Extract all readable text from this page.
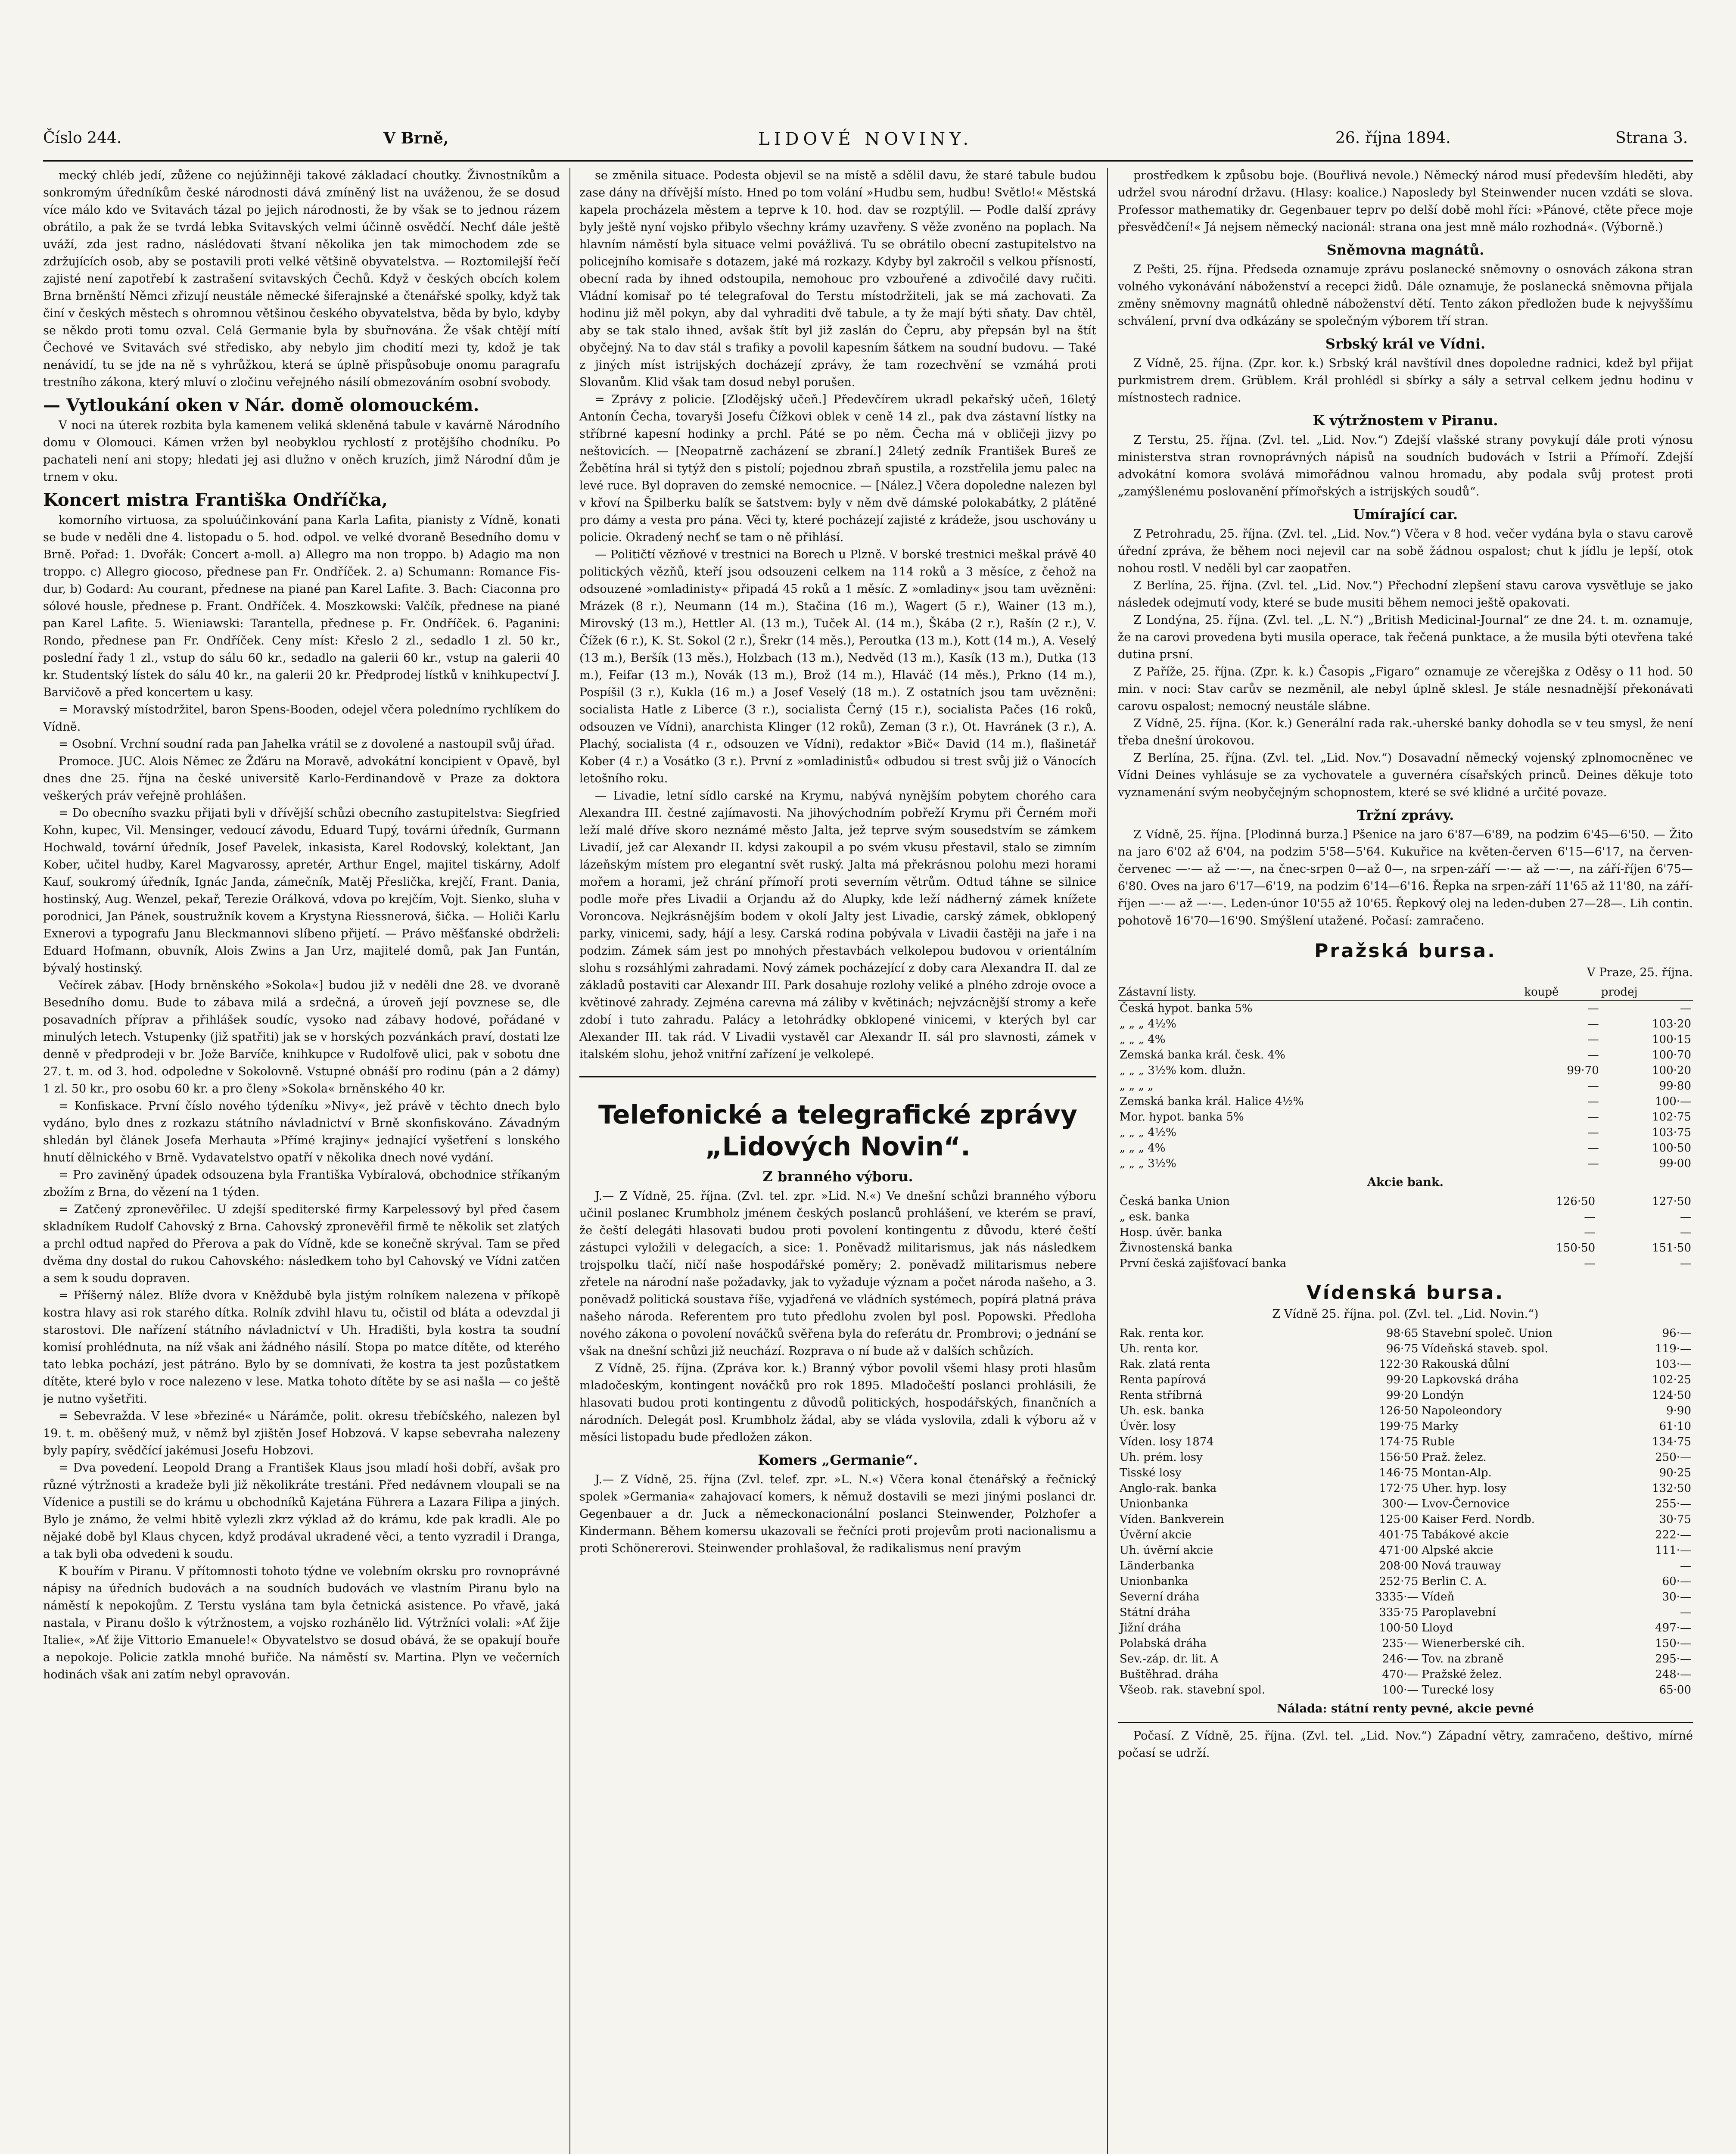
Číslo 244.	V Brně,	LIDOVÉ NOVINY.	26. října 1894.	Strana 3.

mecký chléb jedí, zůžene co nejúžinněji takové základací choutky. Živnostníkům a sonkromým úředníkům české národnosti dává zmíněný list na uváženou, že se dosud více málo kdo ve Svitavách tázal po jejich národnosti, že by však se to jednou rázem obrátilo, a pak že se tvrdá lebka Svitavských velmi účinně osvědčí. Nechť dále ještě uváží, zda jest radno, náslédovati štvaní několika jen tak mimochodem zde se zdržujících osob, aby se postavili proti velké většině obyvatelstva. — Roztomilejší řečí zajisté není zapotřebí k zastrašení svitavských Čechů. Když v českých obcích kolem Brna brněnští Němci zřizují neustále německé šiferajnské a čtenářské spolky, když tak činí v českých městech s ohromnou většinou českého obyvatelstva, běda by bylo, kdyby se někdo proti tomu ozval. Celá Germanie byla by sbuřnována. Že však chtějí mítí Čechové ve Svitavách své středisko, aby nebylo jim chodití mezi ty, kdož je tak nenávidí, tu se jde na ně s vyhrůžkou, která se úplně přispůsobuje onomu paragrafu trestního zákona, který mluví o zločinu veřejného násilí obmezováním osobní svobody.

— Vytloukání oken v Nár. domě olomouckém.

V noci na úterek rozbita byla kamenem veliká skleněná tabule v kavárně Národního domu v Olomouci. Kámen vržen byl neobyklou rychlostí z protějšího chodníku. Po pachateli není ani stopy; hledati jej asi dlužno v oněch kruzích, jimž Národní dům je trnem v oku.

Koncert mistra Františka Ondříčka,

komorního virtuosa, za spoluúčinkování pana Karla Lafita, pianisty z Vídně, konati se bude v neděli dne 4. listopadu o 5. hod. odpol. ve velké dvoraně Besedního domu v Brně. Pořad: 1. Dvořák: Concert a-moll. a) Allegro ma non troppo. b) Adagio ma non troppo. c) Allegro giocoso, přednese pan Fr. Ondříček. 2. a) Schumann: Romance Fis-dur, b) Godard: Au courant, přednese na piané pan Karel Lafite. 3. Bach: Ciaconna pro sólové housle, přednese p. Frant. Ondříček. 4. Moszkowski: Valčík, přednese na piané pan Karel Lafite. 5. Wieniawski: Tarantella, přednese p. Fr. Ondříček. 6. Paganini: Rondo, přednese pan Fr. Ondříček. Ceny míst: Křeslo 2 zl., sedadlo 1 zl. 50 kr., poslední řady 1 zl., vstup do sálu 60 kr., sedadlo na galerii 60 kr., vstup na galerii 40 kr. Studentský lístek do sálu 40 kr., na galerii 20 kr. Předprodej lístků v knihkupectví J. Barvičově a před koncertem u kasy.

= Moravský místodržitel, baron Spens-Booden, odejel včera polednímo rychlíkem do Vídně.

= Osobní. Vrchní soudní rada pan Jahelka vrátil se z dovolené a nastoupil svůj úřad.

Promoce. JUC. Alois Němec ze Žďáru na Moravě, advokátní koncipient v Opavě, byl dnes dne 25. října na české universitě Karlo-Ferdinandově v Praze za doktora veškerých práv veřejně prohlášen.

= Do obecního svazku přijati byli v dřívější schůzi obecního zastupitelstva: Siegfried Kohn, kupec, Vil. Mensinger, vedoucí závodu, Eduard Tupý, továrni úředník, Gurmann Hochwald, tovární úředník, Josef Pavelek, inkasista, Karel Rodovský, kolektant, Jan Kober, učitel hudby, Karel Magvarossy, apretér, Arthur Engel, majitel tiskárny, Adolf Kauf, soukromý úředník, Ignác Janda, zámečník, Matěj Přeslička, krejčí, Frant. Dania, hostinský, Aug. Wenzel, pekař, Terezie Orálková, vdova po krejčím, Vojt. Sienko, sluha v porodnici, Jan Pánek, soustružník kovem a Krystyna Riessnerová, šička. — Holiči Karlu Exnerovi a typografu Janu Bleckmannovi slíbeno přijetí. — Právo měšťanské obdrželi: Eduard Hofmann, obuvník, Alois Zwins a Jan Urz, majitelé domů, pak Jan Funtán, bývalý hostinský.

Večírek zábav. [Hody brněnského »Sokola«] budou již v neděli dne 28. ve dvoraně Besedního domu. Bude to zábava milá a srdečná, a úroveň její povznese se, dle posavadních příprav a přihlášek soudíc, vysoko nad zábavy hodové, pořádané v minulých letech. Vstupenky (již spatřiti) jak se v horských pozvánkách praví, dostati lze denně v předprodeji v br. Jože Barvíče, knihkupce v Rudolfově ulici, pak v sobotu dne 27. t. m. od 3. hod. odpoledne v Sokolovně. Vstupné obnáší pro rodinu (pán a 2 dámy) 1 zl. 50 kr., pro osobu 60 kr. a pro členy »Sokola« brněnského 40 kr.

= Konfiskace. První číslo nového týdeníku »Nivy«, jež právě v těchto dnech bylo vydáno, bylo dnes z rozkazu státního návladnictví v Brně skonfiskováno. Závadným shledán byl článek Josefa Merhauta »Přímé krajiny« jednající vyšetření s lonského hnutí dělnického v Brně. Vydavatelstvo opatří v několika dnech nové vydání.

= Pro zaviněný úpadek odsouzena byla Františka Vybíralová, obchodnice stříkaným zbožím z Brna, do vězení na 1 týden.

= Zatčený zpronevěřilec. U zdejší spediterské firmy Karpelessový byl před časem skladníkem Rudolf Cahovský z Brna. Cahovský zpronevěřil firmě te několik set zlatých a prchl odtud napřed do Přerova a pak do Vídně, kde se konečně skrýval. Tam se před dvěma dny dostal do rukou Cahovského: následkem toho byl Cahovský ve Vídni zatčen a sem k soudu dopraven.

= Příšerný nález. Blíže dvora v Kněždubě byla jistým rolníkem nalezena v příkopě kostra hlavy asi rok starého dítka. Rolník zdvihl hlavu tu, očistil od bláta a odevzdal ji starostovi. Dle nařízení státního návladnictví v Uh. Hradišti, byla kostra ta soudní komisí prohlédnuta, na níž však ani žádného násilí. Stopa po matce dítěte, od kterého tato lebka pochází, jest pátráno. Bylo by se domnívati, že kostra ta jest pozůstatkem dítěte, které bylo v roce nalezeno v lese. Matka tohoto dítěte by se asi našla — co ještě je nutno vyšetřiti.

= Sebevražda. V lese »březiné« u Nárámče, polit. okresu třebíčského, nalezen byl 19. t. m. oběšený muž, v němž byl zjištěn Josef Hobzová. V kapse sebevraha nalezeny byly papíry, svědčící jakémusi Josefu Hobzovi.

= Dva povedení. Leopold Drang a František Klaus jsou mladí hoši dobří, avšak pro různé výtržnosti a kradeže byli již několikráte trestáni. Před nedávnem vloupali se na Vídenice a pustili se do krámu u obchodníků Kajetána Führera a Lazara Filipa a jiných. Bylo je známo, že velmi hbitě vylezli zkrz výklad až do krámu, kde pak kradli. Ale po nějaké době byl Klaus chycen, když prodával ukradené věci, a tento vyzradil i Dranga, a tak byli oba odvedeni k soudu.

K bouřím v Piranu. V přítomnosti tohoto týdne ve volebním okrsku pro rovnoprávné nápisy na úředních budovách a na soudních budovách ve vlastním Piranu bylo na náměstí k nepokojům. Z Terstu vyslána tam byla četnická asistence. Po vřavě, jaká nastala, v Piranu došlo k výtržnostem, a vojsko rozhánělo lid. Výtržníci volali: »Ať žije Italie«, »Ať žije Vittorio Emanuele!« Obyvatelstvo se dosud obává, že se opakují bouře a nepokoje. Policie zatkla mnohé buřiče. Na náměstí sv. Martina. Plyn ve večerních hodinách však ani zatím nebyl opravován.

se změnila situace. Podesta objevil se na místě a sdělil davu, že staré tabule budou zase dány na dřívější místo. Hned po tom volání »Hudbu sem, hudbu! Světlo!« Městská kapela procházela městem a teprve k 10. hod. dav se rozptýlil. — Podle další zprávy byly ještě nyní vojsko přibylo všechny krámy uzavřeny. S věže zvoněno na poplach. Na hlavním náměstí byla situace velmi povážlivá. Tu se obrátilo obecní zastupitelstvo na policejního komisaře s dotazem, jaké má rozkazy. Kdyby byl zakročil s velkou přísností, obecní rada by ihned odstoupila, nemohouc pro vzbouřené a zdivočilé davy ručiti. Vládní komisař po té telegrafoval do Terstu místodržiteli, jak se má zachovati. Za hodinu již měl pokyn, aby dal vyhraditi dvě tabule, a ty že mají býti sňaty. Dav chtěl, aby se tak stalo ihned, avšak štít byl již zaslán do Čepru, aby přepsán byl na štít obyčejný. Na to dav stál s trafiky a povolil kapesním šátkem na soudní budovu. — Také z jiných míst istrijských docházejí zprávy, že tam rozechvění se vzmáhá proti Slovanům. Klid však tam dosud nebyl porušen.

= Zprávy z policie. [Zlodějský učeň.] Předevčírem ukradl pekařský učeň, 16letý Antonín Čecha, tovaryši Josefu Čížkovi oblek v ceně 14 zl., pak dva zástavní lístky na stříbrné kapesní hodinky a prchl. Páté se po něm. Čecha má v obličeji jizvy po neštovicích. — [Neopatrně zacházení se zbraní.] 24letý zedník František Bureš ze Žebětína hrál si tytýž den s pistolí; pojednou zbraň spustila, a rozstřelila jemu palec na levé ruce. Byl dopraven do zemské nemocnice. — [Nález.] Včera dopoledne nalezen byl v křoví na Špilberku balík se šatstvem: byly v něm dvě dámské polokabátky, 2 plátěné pro dámy a vesta pro pána. Věci ty, které pocházejí zajisté z krádeže, jsou uschovány u policie. Okradený nechť se tam o ně přihlásí.

— Političtí vězňové v trestnici na Borech u Plzně. V borské trestnici meškal právě 40 politických vězňů, kteří jsou odsouzeni celkem na 114 roků a 3 měsíce, z čehož na odsouzené »omladinisty« připadá 45 roků a 1 měsíc. Z »omladiny« jsou tam uvězněni: Mrázek (8 r.), Neumann (14 m.), Stačina (16 m.), Wagert (5 r.), Wainer (13 m.), Mirovský (13 m.), Hettler Al. (13 m.), Tuček Al. (14 m.), Škába (2 r.), Rašín (2 r.), V. Čížek (6 r.), K. St. Sokol (2 r.), Šrekr (14 měs.), Peroutka (13 m.), Kott (14 m.), A. Veselý (13 m.), Beršík (13 měs.), Holzbach (13 m.), Nedvěd (13 m.), Kasík (13 m.), Dutka (13 m.), Feifar (13 m.), Novák (13 m.), Brož (14 m.), Hlaváč (14 měs.), Prkno (14 m.), Pospíšil (3 r.), Kukla (16 m.) a Josef Veselý (18 m.). Z ostatních jsou tam uvězněni: socialista Hatle z Liberce (3 r.), socialista Černý (15 r.), socialista Pačes (16 roků, odsouzen ve Vídni), anarchista Klinger (12 roků), Zeman (3 r.), Ot. Havránek (3 r.), A. Plachý, socialista (4 r., odsouzen ve Vídni), redaktor »Bič« David (14 m.), flašinetář Kober (4 r.) a Vosátko (3 r.). První z »omladinistů« odbudou si trest svůj již o Vánocích letošního roku.

— Livadie, letní sídlo carské na Krymu, nabývá nynějším pobytem chorého cara Alexandra III. čestné zajímavosti. Na jihovýchodním pobřeží Krymu při Černém moři leží malé dříve skoro neznámé město Jalta, jež teprve svým sousedstvím se zámkem Livadií, jež car Alexandr II. kdysi zakoupil a po svém vkusu přestavil, stalo se zimním lázeňským místem pro elegantní svět ruský. Jalta má překrásnou polohu mezi horami mořem a horami, jež chrání přímoří proti severním větrům. Odtud táhne se silnice podle moře přes Livadii a Orjandu až do Alupky, kde leží nádherný zámek knížete Voroncova. Nejkrásnějším bodem v okolí Jalty jest Livadie, carský zámek, obklopený parky, vinicemi, sady, hájí a lesy. Carská rodina pobývala v Livadii častěji na jaře i na podzim. Zámek sám jest po mnohých přestavbách velkolepou budovou v orientálním slohu s rozsáhlými zahradami. Nový zámek pocházející z doby cara Alexandra II. dal ze základů postaviti car Alexandr III. Park dosahuje rozlohy veliké a plného zdroje ovoce a květinové zahrady. Zejména carevna má záliby v květinách; nejvzácnější stromy a keře zdobí i tuto zahradu. Palácy a letohrádky obklopené vinicemi, v kterých byl car Alexander III. tak rád. V Livadii vystavěl car Alexandr II. sál pro slavnosti, zámek v italském slohu, jehož vnitřní zařízení je velkolepé.

Telefonické a telegrafické zprávy „Lidových Novin“.
Z branného výboru.

J.— Z Vídně, 25. října. (Zvl. tel. zpr. »Lid. N.«) Ve dnešní schůzi branného výboru učinil poslanec Krumbholz jménem českých poslanců prohlášení, ve kterém se praví, že čeští delegáti hlasovati budou proti povolení kontingentu z důvodu, které čeští zástupci vyložili v delegacích, a sice: 1. Poněvadž militarismus, jak nás následkem trojspolku tlačí, ničí naše hospodářské poměry; 2. poněvadž militarismus nebere zřetele na národní naše požadavky, jak to vyžaduje význam a počet národa našeho, a 3. poněvadž politická soustava říše, vyjadřená ve vládních systémech, popírá platná práva našeho národa. Referentem pro tuto předlohu zvolen byl posl. Popowski. Předloha nového zákona o povolení nováčků svěřena byla do referátu dr. Prombrovi; o jednání se však na dnešní schůzi již neuchází. Rozprava o ní bude až v dalších schůzích.

Z Vídně, 25. října. (Zpráva kor. k.) Branný výbor povolil všemi hlasy proti hlasům mladočeským, kontingent nováčků pro rok 1895. Mladočeští poslanci prohlásili, že hlasovati budou proti kontingentu z důvodů politických, hospodářských, finančních a národních. Delegát posl. Krumbholz žádal, aby se vláda vyslovila, zdali k výboru až v měsíci listopadu bude předložen zákon.

Komers „Germanie“.

J.— Z Vídně, 25. října (Zvl. telef. zpr. »L. N.«) Včera konal čtenářský a řečnický spolek »Germania« zahajovací komers, k němuž dostavili se mezi jinými poslanci dr. Gegenbauer a dr. Juck a německonacionální poslanci Steinwender, Polzhofer a Kindermann. Během komersu ukazovali se řečníci proti projevům proti nacionalismu a proti Schönererovi. Steinwender prohlašoval, že radikalismus není pravým

prostředkem k způsobu boje. (Bouřlivá nevole.) Německý národ musí především hleděti, aby udržel svou národní državu. (Hlasy: koalice.) Naposledy byl Steinwender nucen vzdáti se slova. Professor mathematiky dr. Gegenbauer teprv po delší době mohl říci: »Pánové, ctěte přece moje přesvědčení!« Já nejsem německý nacionál: strana ona jest mně málo rozhodná«. (Výborně.)

Sněmovna magnátů.

Z Pešti, 25. října. Předseda oznamuje zprávu poslanecké sněmovny o osnovách zákona stran volného vykonávání náboženství a recepci židů. Dále oznamuje, že poslanecká sněmovna přijala změny sněmovny magnátů ohledně náboženství dětí. Tento zákon předložen bude k nejvyššímu schválení, první dva odkázány se společným výborem tří stran.

Srbský král ve Vídni.

Z Vídně, 25. října. (Zpr. kor. k.) Srbský král navštívil dnes dopoledne radnici, kdež byl přijat purkmistrem drem. Grüblem. Král prohlédl si sbírky a sály a setrval celkem jednu hodinu v místnostech radnice.

K výtržnostem v Piranu.

Z Terstu, 25. října. (Zvl. tel. „Lid. Nov.“) Zdejší vlašské strany povykují dále proti výnosu ministerstva stran rovnoprávných nápisů na soudních budovách v Istrii a Přímoří. Zdejší advokátní komora svolává mimořádnou valnou hromadu, aby podala svůj protest proti „zamýšlenému poslovanění přímořských a istrijských soudů“.

Umírající car.

Z Petrohradu, 25. října. (Zvl. tel. „Lid. Nov.“) Včera v 8 hod. večer vydána byla o stavu carově úřední zpráva, že během noci nejevil car na sobě žádnou ospalost; chut k jídlu je lepší, otok nohou rostl. V neděli byl car zaopatřen.

Z Berlína, 25. října. (Zvl. tel. „Lid. Nov.“) Přechodní zlepšení stavu carova vysvětluje se jako následek odejmutí vody, které se bude musiti během nemoci ještě opakovati.

Z Londýna, 25. října. (Zvl. tel. „L. N.“) „British Medicinal-Journal“ ze dne 24. t. m. oznamuje, že na carovi provedena byti musila operace, tak řečená punktace, a že musila býti otevřena také dutina prsní.

Z Paříže, 25. října. (Zpr. k. k.) Časopis „Figaro“ oznamuje ze včerejška z Oděsy o 11 hod. 50 min. v noci: Stav carův se nezměnil, ale nebyl úplně sklesl. Je stále nesnadnější překonávati carovu ospalost; nemocný neustále slábne.

Z Vídně, 25. října. (Kor. k.) Generální rada rak.-uherské banky dohodla se v teu smysl, že není třeba dnešní úrokovou.

Z Berlína, 25. října. (Zvl. tel. „Lid. Nov.“) Dosavadní německý vojenský zplnomocněnec ve Vídni Deines vyhlásuje se za vychovatele a guvernéra císařských princů. Deines děkuje toto vyznamenání svým neobyčejným schopnostem, které se své klidné a určité povaze.

Tržní zprávy.

Z Vídně, 25. října. [Plodinná burza.] Pšenice na jaro 6'87—6'89, na podzim 6'45—6'50. — Žito na jaro 6'02 až 6'04, na podzim 5'58—5'64. Kukuřice na květen-červen 6'15—6'17, na červen-červenec —·— až —·—, na čnec-srpen 0—až 0—, na srpen-září —·— až —·—, na září-říjen 6'75—6'80. Oves na jaro 6'17—6'19, na podzim 6'14—6'16. Řepka na srpen-září 11'65 až 11'80, na září-říjen —·— až —·—. Leden-únor 10'55 až 10'65. Řepkový olej na leden-duben 27—28—. Lih contin. pohotově 16'70—16'90. Smýšlení utažené. Počasí: zamračeno.

Pražská bursa.
V Praze, 25. října.
Zástavní listy.	koupě	prodej
Česká hypot. banka 5%	—	—
„ „ „ 4½%	—	103·20
„ „ „ 4%	—	100·15
Zemská banka král. česk. 4%	—	100·70
„ „ „ 3½% kom. dlužn.	99·70	100·20
„ „ „ „	—	99·80
Zemská banka král. Halice 4½%	—	100·—
Mor. hypot. banka 5%	—	102·75
„ „ „ 4½%	—	103·75
„ „ „ 4%	—	100·50
„ „ „ 3½%	—	99·00
Akcie bank.
Česká banka Union	126·50	127·50
„ esk. banka	—	—
Hosp. úvěr. banka	—	—
Živnostenská banka	150·50	151·50
První česká zajišťovací banka	—	—
Vídenská bursa.
Z Vídně 25. října. pol. (Zvl. tel. „Lid. Novin.“)
Rak. renta kor.	98·65	Stavební společ. Union	96·—
Uh. renta kor.	96·75	Vídeňská staveb. spol.	119·—
Rak. zlatá renta	122·30	Rakouská důlní	103·—
Renta papírová	99·20	Lapkovská dráha	102·25
Renta stříbrná	99·20	Londýn	124·50
Uh. esk. banka	126·50	Napoleondory	9·90
Úvěr. losy	199·75	Marky	61·10
Víden. losy 1874	174·75	Ruble	134·75
Uh. prém. losy	156·50	Praž. želez.	250·—
Tisské losy	146·75	Montan-Alp.	90·25
Anglo-rak. banka	172·75	Uher. hyp. losy	132·50
Unionbanka	300·—	Lvov-Černovice	255·—
Víden. Bankverein	125·00	Kaiser Ferd. Nordb.	30·75
Úvěrní akcie	401·75	Tabákové akcie	222·—
Uh. úvěrní akcie	471·00	Alpské akcie	111·—
Länderbanka	208·00	Nová trauway	—
Unionbanka	252·75	Berlin C. A.	60·—
Severní dráha	3335·—	Vídeň	30·—
Státní dráha	335·75	Paroplavební	—
Jižní dráha	100·50	Lloyd	497·—
Polabská dráha	235·—	Wienerberské cih.	150·—
Sev.-záp. dr. lit. A	246·—	Tov. na zbraně	295·—
Buštěhrad. dráha	470·—	Pražské želez.	248·—
Všeob. rak. stavební spol.	100·—	Turecké losy	65·00
Nálada: státní renty pevné, akcie pevné

Počasí. Z Vídně, 25. října. (Zvl. tel. „Lid. Nov.“) Západní větry, zamračeno, deštivo, mírné počasí se udrží.
